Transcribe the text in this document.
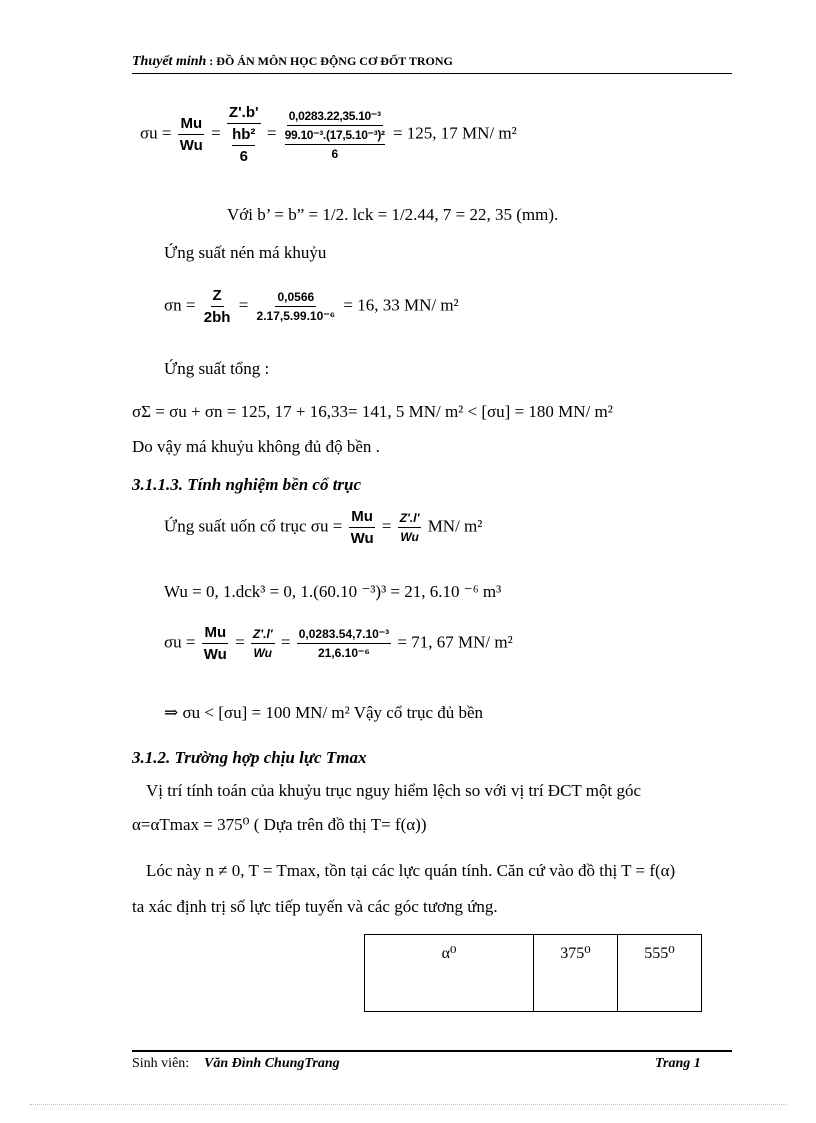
Thuyết minh : ĐỒ ÁN MÔN HỌC ĐỘNG CƠ ĐỐT TRONG
$\sigma u = \frac{Mu}{Wu} = Z'.b'$
hb²
6 = 0,0283.22,35.10⁻³
99.10⁻³.(17,5.10⁻³)²
6 = 125, 17 MN/ m²
Với b’ = b” = 1/2. lck = 1/2.44, 7 = 22, 35 (mm).
Ứng suất nén má khuỷu
$\sigma n = \frac{Z}{2bh} = \frac{0,0566}{\text{2.17,5.99.10⁻⁶}} = 16$, 33 MN/ m²
Ứng suất tổng :
σΣ = σu + σn = 125, 17 + 16,33= 141, 5 MN/ m² < [σu] = 180 MN/ m²
Do vậy má khuỷu không đủ độ bền .
3.1.1.3. Tính nghiệm bền cổ trục
Ứng suất uốn cổ trục $\sigma u = \frac{Mu}{Wu} = \frac{Z'.l'}{Wu} MN/$ m²
Wu = 0, 1.dck³ = 0, 1.(60.10 ⁻³)³ = 21, 6.10 ⁻⁶ m³
$\sigma u = \frac{Mu}{Wu} = \frac{Z'.l'}{Wu} = \frac{\text{0,0283.54,7.10⁻³}}{\text{21,6.10⁻⁶}} = 71$, 67 MN/ m²
⇒ σu < [σu] = 100 MN/ m² Vậy cổ trục đủ bền
3.1.2. Trường hợp chịu lực Tmax
Vị trí tính toán của khuỷu trục nguy hiểm lệch so với vị trí ĐCT một góc
α=αTmax = 375⁰ ( Dựa trên đồ thị T= f(α))
Lóc này n ≠ 0, T = Tmax, tồn tại các lực quán tính. Căn cứ vào đồ thị T = f(α)
ta xác định trị số lực tiếp tuyến và các góc tương ứng.
α⁰	375⁰	555⁰
Sinh viên: Văn Đình ChungTrang	Trang 1
